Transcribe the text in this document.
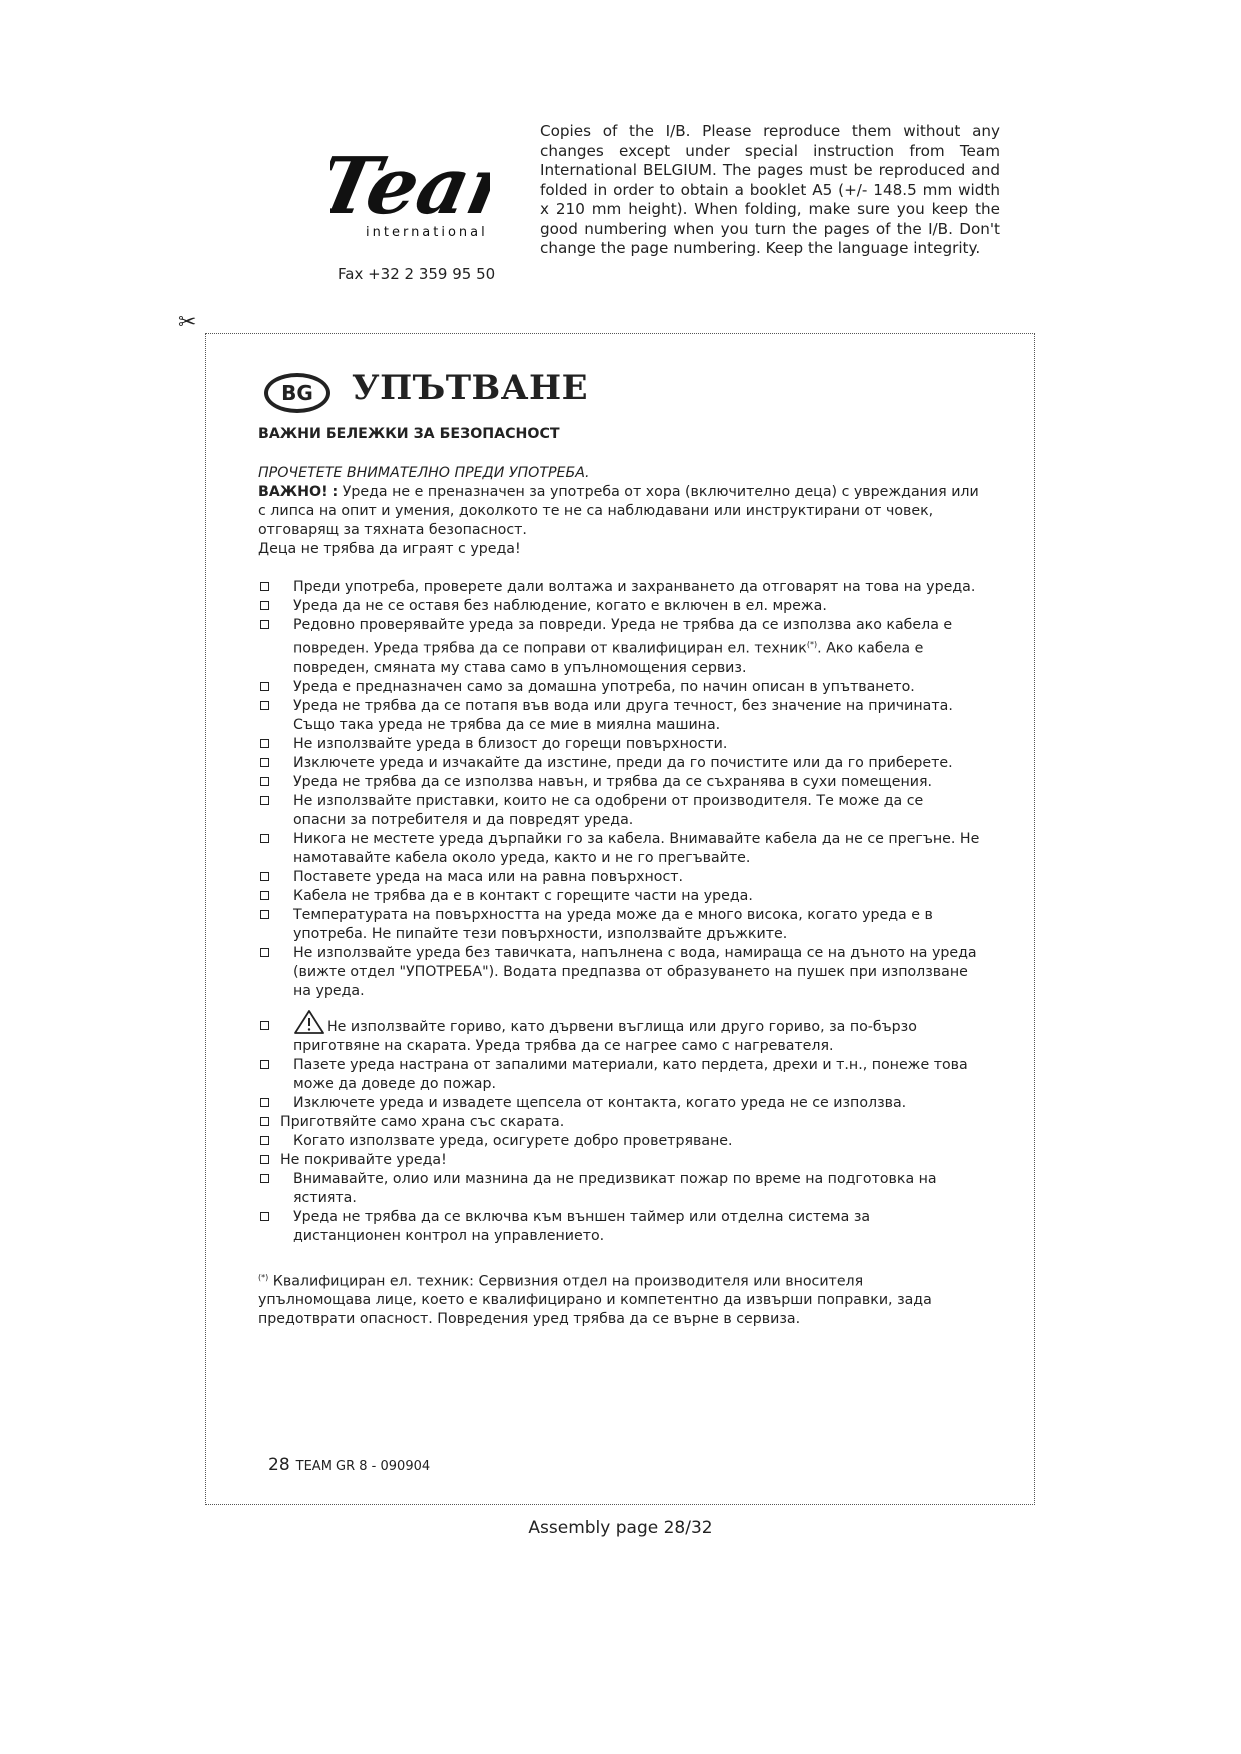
Team
international
Fax +32 2 359 95 50
Copies of the I/B. Please reproduce them without any changes except under special instruction from Team International BELGIUM. The pages must be reproduced and folded in order to obtain a booklet A5 (+/- 148.5 mm width x 210 mm height). When folding, make sure you keep the good numbering when you turn the pages of the I/B. Don't change the page numbering. Keep the language integrity.
✂
BG	УПЪТВАНЕ

ВАЖНИ БЕЛЕЖКИ ЗА БЕЗОПАСНОСТ

ПРОЧЕТЕТЕ ВНИМАТЕЛНО ПРЕДИ УПОТРЕБА.

ВАЖНО! : Уреда не е преназначен за употреба от хора (включително деца) с увреждания или с липса на опит и умения, доколкото те не са наблюдавани или инструктирани от човек, отговарящ за тяхната безопасност.

Деца не трябва да играят с уреда!

Преди употреба, проверете дали волтажа и захранването да отговарят на това на уреда.
Уреда да не се оставя без наблюдение, когато е включен в ел. мрежа.
Редовно проверявайте уреда за повреди. Уреда не трябва да се използва ако кабела е повреден. Уреда трябва да се поправи от квалифициран ел. техник(*). Ако кабела е повреден, смяната му става само в упълномощения сервиз.
Уреда е предназначен само за домашна употреба, по начин описан в упътването.
Уреда не трябва да се потапя във вода или друга течност, без значение на причината. Също така уреда не трябва да се мие в миялна машина.
Не използвайте уреда в близост до горещи повърхности.
Изключете уреда и изчакайте да изстине, преди да го почистите или да го приберете.
Уреда не трябва да се използва навън, и трябва да се съхранява в сухи помещения.
Не използвайте приставки, които не са одобрени от производителя. Те може да се опасни за потребителя и да повредят уреда.
Никога не местете уреда дърпайки го за кабела. Внимавайте кабела да не се прегъне. Не намотавайте кабела около уреда, както и не го прегъвайте.
Поставете уреда на маса или на равна повърхност.
Кабела не трябва да е в контакт с горещите части на уреда.
Температурата на повърхността на уреда може да е много висока, когато уреда е в употреба. Не пипайте тези повърхности, използвайте дръжките.
Не използвайте уреда без тавичката, напълнена с вода, намираща се на дъното на уреда (вижте отдел "УПОТРЕБА"). Водата предпазва от образуването на пушек при използване на уреда.
Не използвайте гориво, като дървени въглища или друго гориво, за по-бързо приготвяне на скарата. Уреда трябва да се нагрее само с нагревателя.
Пазете уреда настрана от запалими материали, като пердета, дрехи и т.н., понеже това може да доведе до пожар.
Изключете уреда и извадете щепсела от контакта, когато уреда не се използва.
Приготвяйте само храна със скарата.
Когато използвате уреда, осигурете добро проветряване.
Не покривайте уреда!
Внимавайте, олио или мазнина да не предизвикат пожар по време на подготовка на ястията.
Уреда не трябва да се включва към външен таймер или отделна система за дистанционен контрол на управлението.

(*) Квалифициран ел. техник: Сервизния отдел на производителя или вносителя упълномощава лице, което е квалифицирано и компетентно да извърши поправки, зада предотврати опасност. Повредения уред трябва да се върне в сервиза.

28 TEAM GR 8 - 090904
Assembly page 28/32
